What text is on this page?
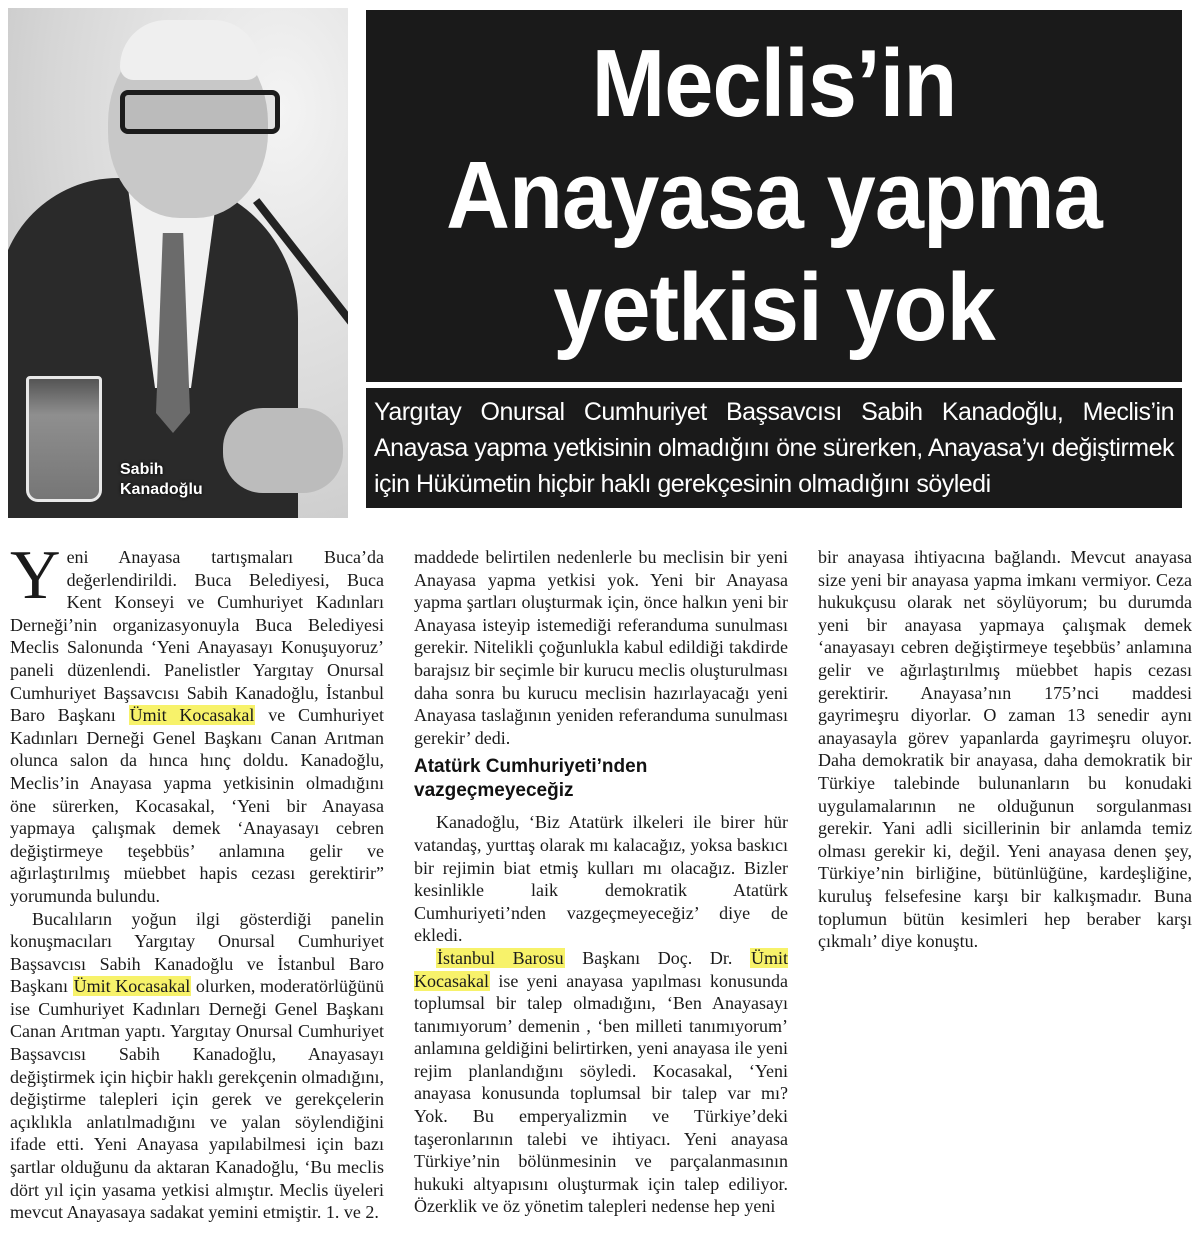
Sabih
Kanadoğlu
Meclis’in
Anayasa yapma
yetkisi yok
Yargıtay Onursal Cumhuriyet Başsavcısı Sabih Kanadoğlu, Meclis’in Anayasa yapma yetkisinin olmadığını öne sürerken, Anayasa’yı değiştirmek için Hükümetin hiçbir haklı gerekçesinin olmadığını söyledi

Yeni Anayasa tartışmaları Buca’da değerlendirildi. Buca Belediyesi, Buca Kent Konseyi ve Cumhuriyet Kadınları Derneği’nin organizasyonuyla Buca Belediyesi Meclis Salonunda ‘Yeni Anayasayı Konuşuyoruz’ paneli düzenlendi. Panelistler Yargıtay Onursal Cumhuriyet Başsavcısı Sabih Kanadoğlu, İstanbul Baro Başkanı Ümit Kocasakal ve Cumhuriyet Kadınları Derneği Genel Başkanı Canan Arıtman olunca salon da hınca hınç doldu. Kanadoğlu, Meclis’in Anayasa yapma yetkisinin olmadığını öne sürerken, Kocasakal, ‘Yeni bir Anayasa yapmaya çalışmak demek ‘Anayasayı cebren değiştirmeye teşebbüs’ anlamına gelir ve ağırlaştırılmış müebbet hapis cezası gerektirir” yorumunda bulundu.

Bucalıların yoğun ilgi gösterdiği panelin konuşmacıları Yargıtay Onursal Cumhuriyet Başsavcısı Sabih Kanadoğlu ve İstanbul Baro Başkanı Ümit Kocasakal olurken, moderatörlüğünü ise Cumhuriyet Kadınları Derneği Genel Başkanı Canan Arıtman yaptı. Yargıtay Onursal Cumhuriyet Başsavcısı Sabih Kanadoğlu, Anayasayı değiştirmek için hiçbir haklı gerekçenin olmadığını, değiştirme talepleri için gerek ve gerekçelerin açıklıkla anlatılmadığını ve yalan söylendiğini ifade etti. Yeni Anayasa yapılabilmesi için bazı şartlar olduğunu da aktaran Kanadoğlu, ‘Bu meclis dört yıl için yasama yetkisi almıştır. Meclis üyeleri mevcut Anayasaya sadakat yemini etmiştir. 1. ve 2.

maddede belirtilen nedenlerle bu meclisin bir yeni Anayasa yapma yetkisi yok. Yeni bir Anayasa yapma şartları oluşturmak için, önce halkın yeni bir Anayasa isteyip istemediği referanduma sunulması gerekir. Nitelikli çoğunlukla kabul edildiği takdirde barajsız bir seçimle bir kurucu meclis oluşturulması daha sonra bu kurucu meclisin hazırlayacağı yeni Anayasa taslağının yeniden referanduma sunulması gerekir’ dedi.

Atatürk Cumhuriyeti’nden vazgeçmeyeceğiz

Kanadoğlu, ‘Biz Atatürk ilkeleri ile birer hür vatandaş, yurttaş olarak mı kalacağız, yoksa baskıcı bir rejimin biat etmiş kulları mı olacağız. Bizler kesinlikle laik demokratik Atatürk Cumhuriyeti’nden vazgeçmeyeceğiz’ diye de ekledi.

İstanbul Barosu Başkanı Doç. Dr. Ümit Kocasakal ise yeni anayasa yapılması konusunda toplumsal bir talep olmadığını, ‘Ben Anayasayı tanımıyorum’ demenin , ‘ben milleti tanımıyorum’ anlamına geldiğini belirtirken, yeni anayasa ile yeni rejim planlandığını söyledi. Kocasakal, ‘Yeni anayasa konusunda toplumsal bir talep var mı? Yok. Bu emperyalizmin ve Türkiye’deki taşeronlarının talebi ve ihtiyacı. Yeni anayasa Türkiye’nin bölünmesinin ve parçalanmasının hukuki altyapısını oluşturmak için talep ediliyor. Özerklik ve öz yönetim talepleri nedense hep yeni

bir anayasa ihtiyacına bağlandı. Mevcut anayasa size yeni bir anayasa yapma imkanı vermiyor. Ceza hukukçusu olarak net söylüyorum; bu durumda yeni bir anayasa yapmaya çalışmak demek ‘anayasayı cebren değiştirmeye teşebbüs’ anlamına gelir ve ağırlaştırılmış müebbet hapis cezası gerektirir. Anayasa’nın 175’nci maddesi gayrimeşru diyorlar. O zaman 13 senedir aynı anayasayla görev yapanlarda gayrimeşru oluyor. Daha demokratik bir anayasa, daha demokratik bir Türkiye talebinde bulunanların bu konudaki uygulamalarının ne olduğunun sorgulanması gerekir. Yani adli sicillerinin bir anlamda temiz olması gerekir ki, değil. Yeni anayasa denen şey, Türkiye’nin birliğine, bütünlüğüne, kardeşliğine, kuruluş felsefesine karşı bir kalkışmadır. Buna toplumun bütün kesimleri hep beraber karşı çıkmalı’ diye konuştu.
